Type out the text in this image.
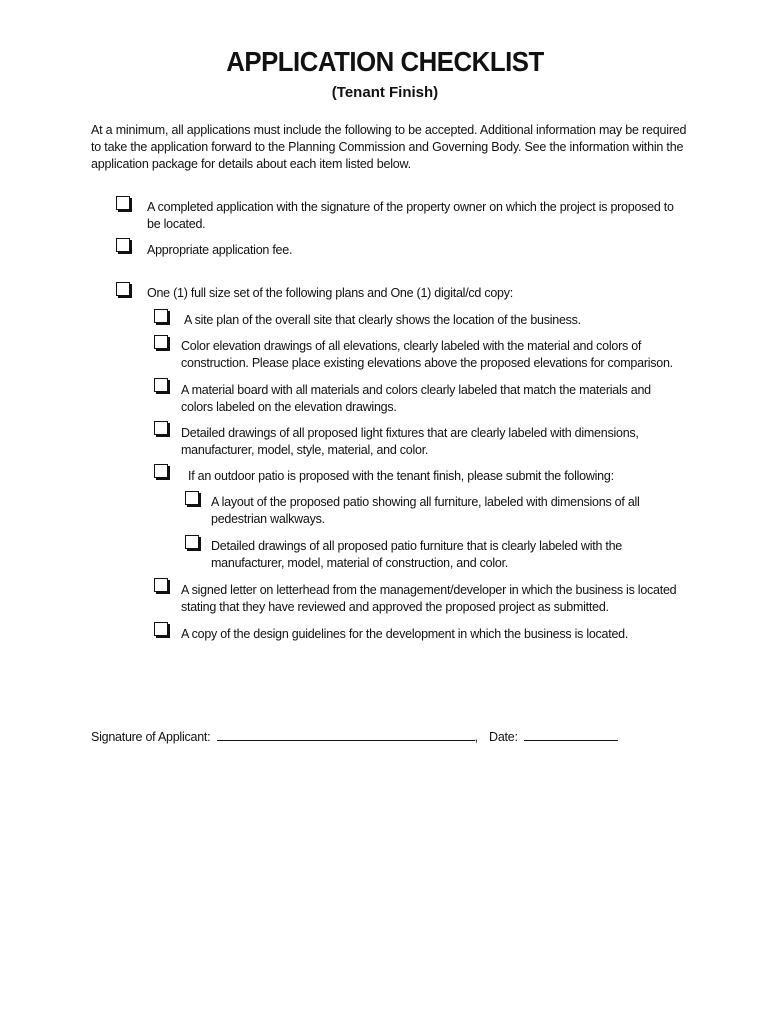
APPLICATION CHECKLIST
(Tenant Finish)
At a minimum, all applications must include the following to be accepted. Additional information may be required to take the application forward to the Planning Commission and Governing Body. See the information within the application package for details about each item listed below.
A completed application with the signature of the property owner on which the project is proposed to be located.
Appropriate application fee.
One (1) full size set of the following plans and One (1) digital/cd copy:
A site plan of the overall site that clearly shows the location of the business.
Color elevation drawings of all elevations, clearly labeled with the material and colors of construction. Please place existing elevations above the proposed elevations for comparison.
A material board with all materials and colors clearly labeled that match the materials and colors labeled on the elevation drawings.
Detailed drawings of all proposed light fixtures that are clearly labeled with dimensions, manufacturer, model, style, material, and color.
If an outdoor patio is proposed with the tenant finish, please submit the following:
A layout of the proposed patio showing all furniture, labeled with dimensions of all pedestrian walkways.
Detailed drawings of all proposed patio furniture that is clearly labeled with the manufacturer, model, material of construction, and color.
A signed letter on letterhead from the management/developer in which the business is located stating that they have reviewed and approved the proposed project as submitted.
A copy of the design guidelines for the development in which the business is located.
Signature of Applicant:	, Date:
